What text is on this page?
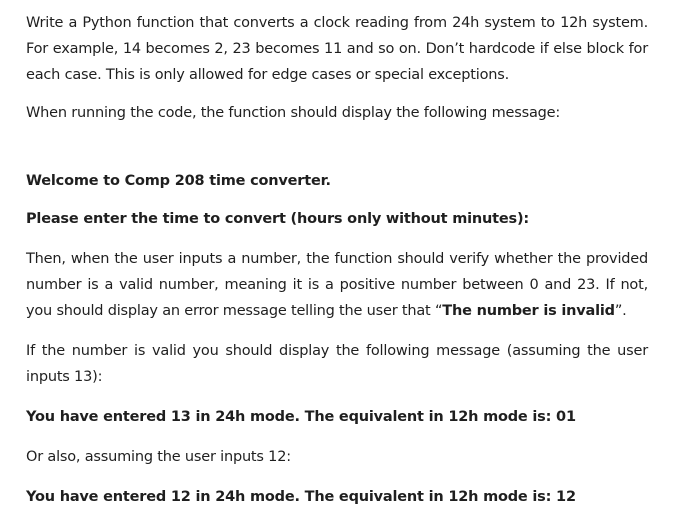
Write a Python function that converts a clock reading from 24h system to 12h system. For example, 14 becomes 2, 23 becomes 11 and so on. Don’t hardcode if else block for each case. This is only allowed for edge cases or special exceptions.

When running the code, the function should display the following message:

Welcome to Comp 208 time converter.

Please enter the time to convert (hours only without minutes):

Then, when the user inputs a number, the function should verify whether the provided number is a valid number, meaning it is a positive number between 0 and 23. If not, you should display an error message telling the user that “The number is invalid”.

If the number is valid you should display the following message (assuming the user inputs 13):

You have entered 13 in 24h mode. The equivalent in 12h mode is: 01

Or also, assuming the user inputs 12:

You have entered 12 in 24h mode. The equivalent in 12h mode is: 12
